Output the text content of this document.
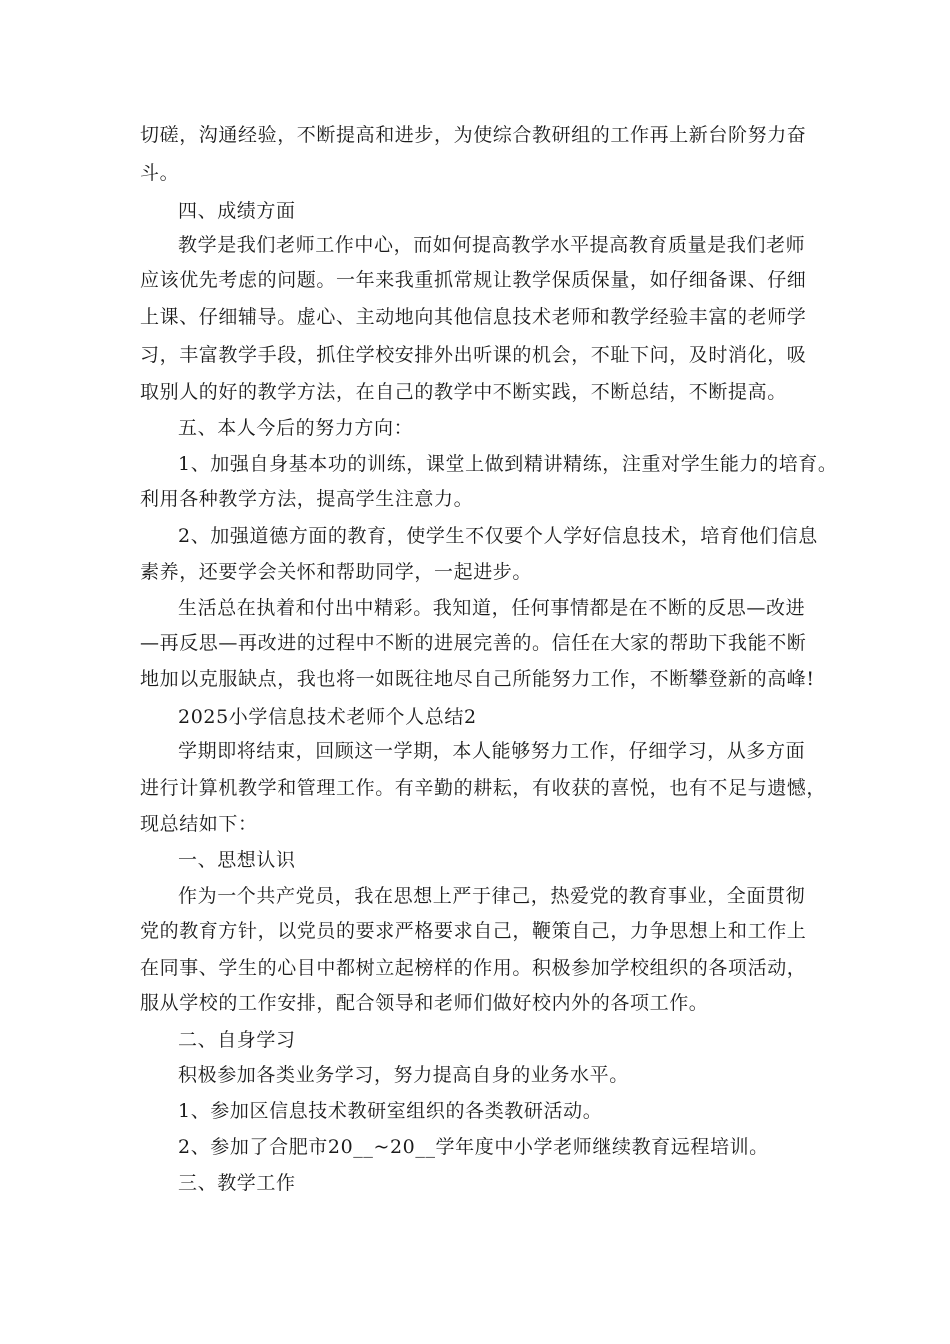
切磋，沟通经验，不断提高和进步，为使综合教研组的工作再上新台阶努力奋
斗。
四、成绩方面
教学是我们老师工作中心，而如何提高教学水平提高教育质量是我们老师
应该优先考虑的问题。一年来我重抓常规让教学保质保量，如仔细备课、仔细
上课、仔细辅导。虚心、主动地向其他信息技术老师和教学经验丰富的老师学
习，丰富教学手段，抓住学校安排外出听课的机会，不耻下问，及时消化，吸
取别人的好的教学方法，在自己的教学中不断实践，不断总结，不断提高。
五、本人今后的努力方向：
1、加强自身基本功的训练，课堂上做到精讲精练，注重对学生能力的培育。
利用各种教学方法，提高学生注意力。
2、加强道德方面的教育，使学生不仅要个人学好信息技术，培育他们信息
素养，还要学会关怀和帮助同学，一起进步。
生活总在执着和付出中精彩。我知道，任何事情都是在不断的反思—改进
—再反思—再改进的过程中不断的进展完善的。信任在大家的帮助下我能不断
地加以克服缺点，我也将一如既往地尽自己所能努力工作，不断攀登新的高峰!
2025小学信息技术老师个人总结2
学期即将结束，回顾这一学期，本人能够努力工作，仔细学习，从多方面
进行计算机教学和管理工作。有辛勤的耕耘，有收获的喜悦，也有不足与遗憾，
现总结如下：
一、思想认识
作为一个共产党员，我在思想上严于律己，热爱党的教育事业，全面贯彻
党的教育方针，以党员的要求严格要求自己，鞭策自己，力争思想上和工作上
在同事、学生的心目中都树立起榜样的作用。积极参加学校组织的各项活动，
服从学校的工作安排，配合领导和老师们做好校内外的各项工作。
二、自身学习
积极参加各类业务学习，努力提高自身的业务水平。
1、参加区信息技术教研室组织的各类教研活动。
2、参加了合肥市20__~20__学年度中小学老师继续教育远程培训。
三、教学工作
